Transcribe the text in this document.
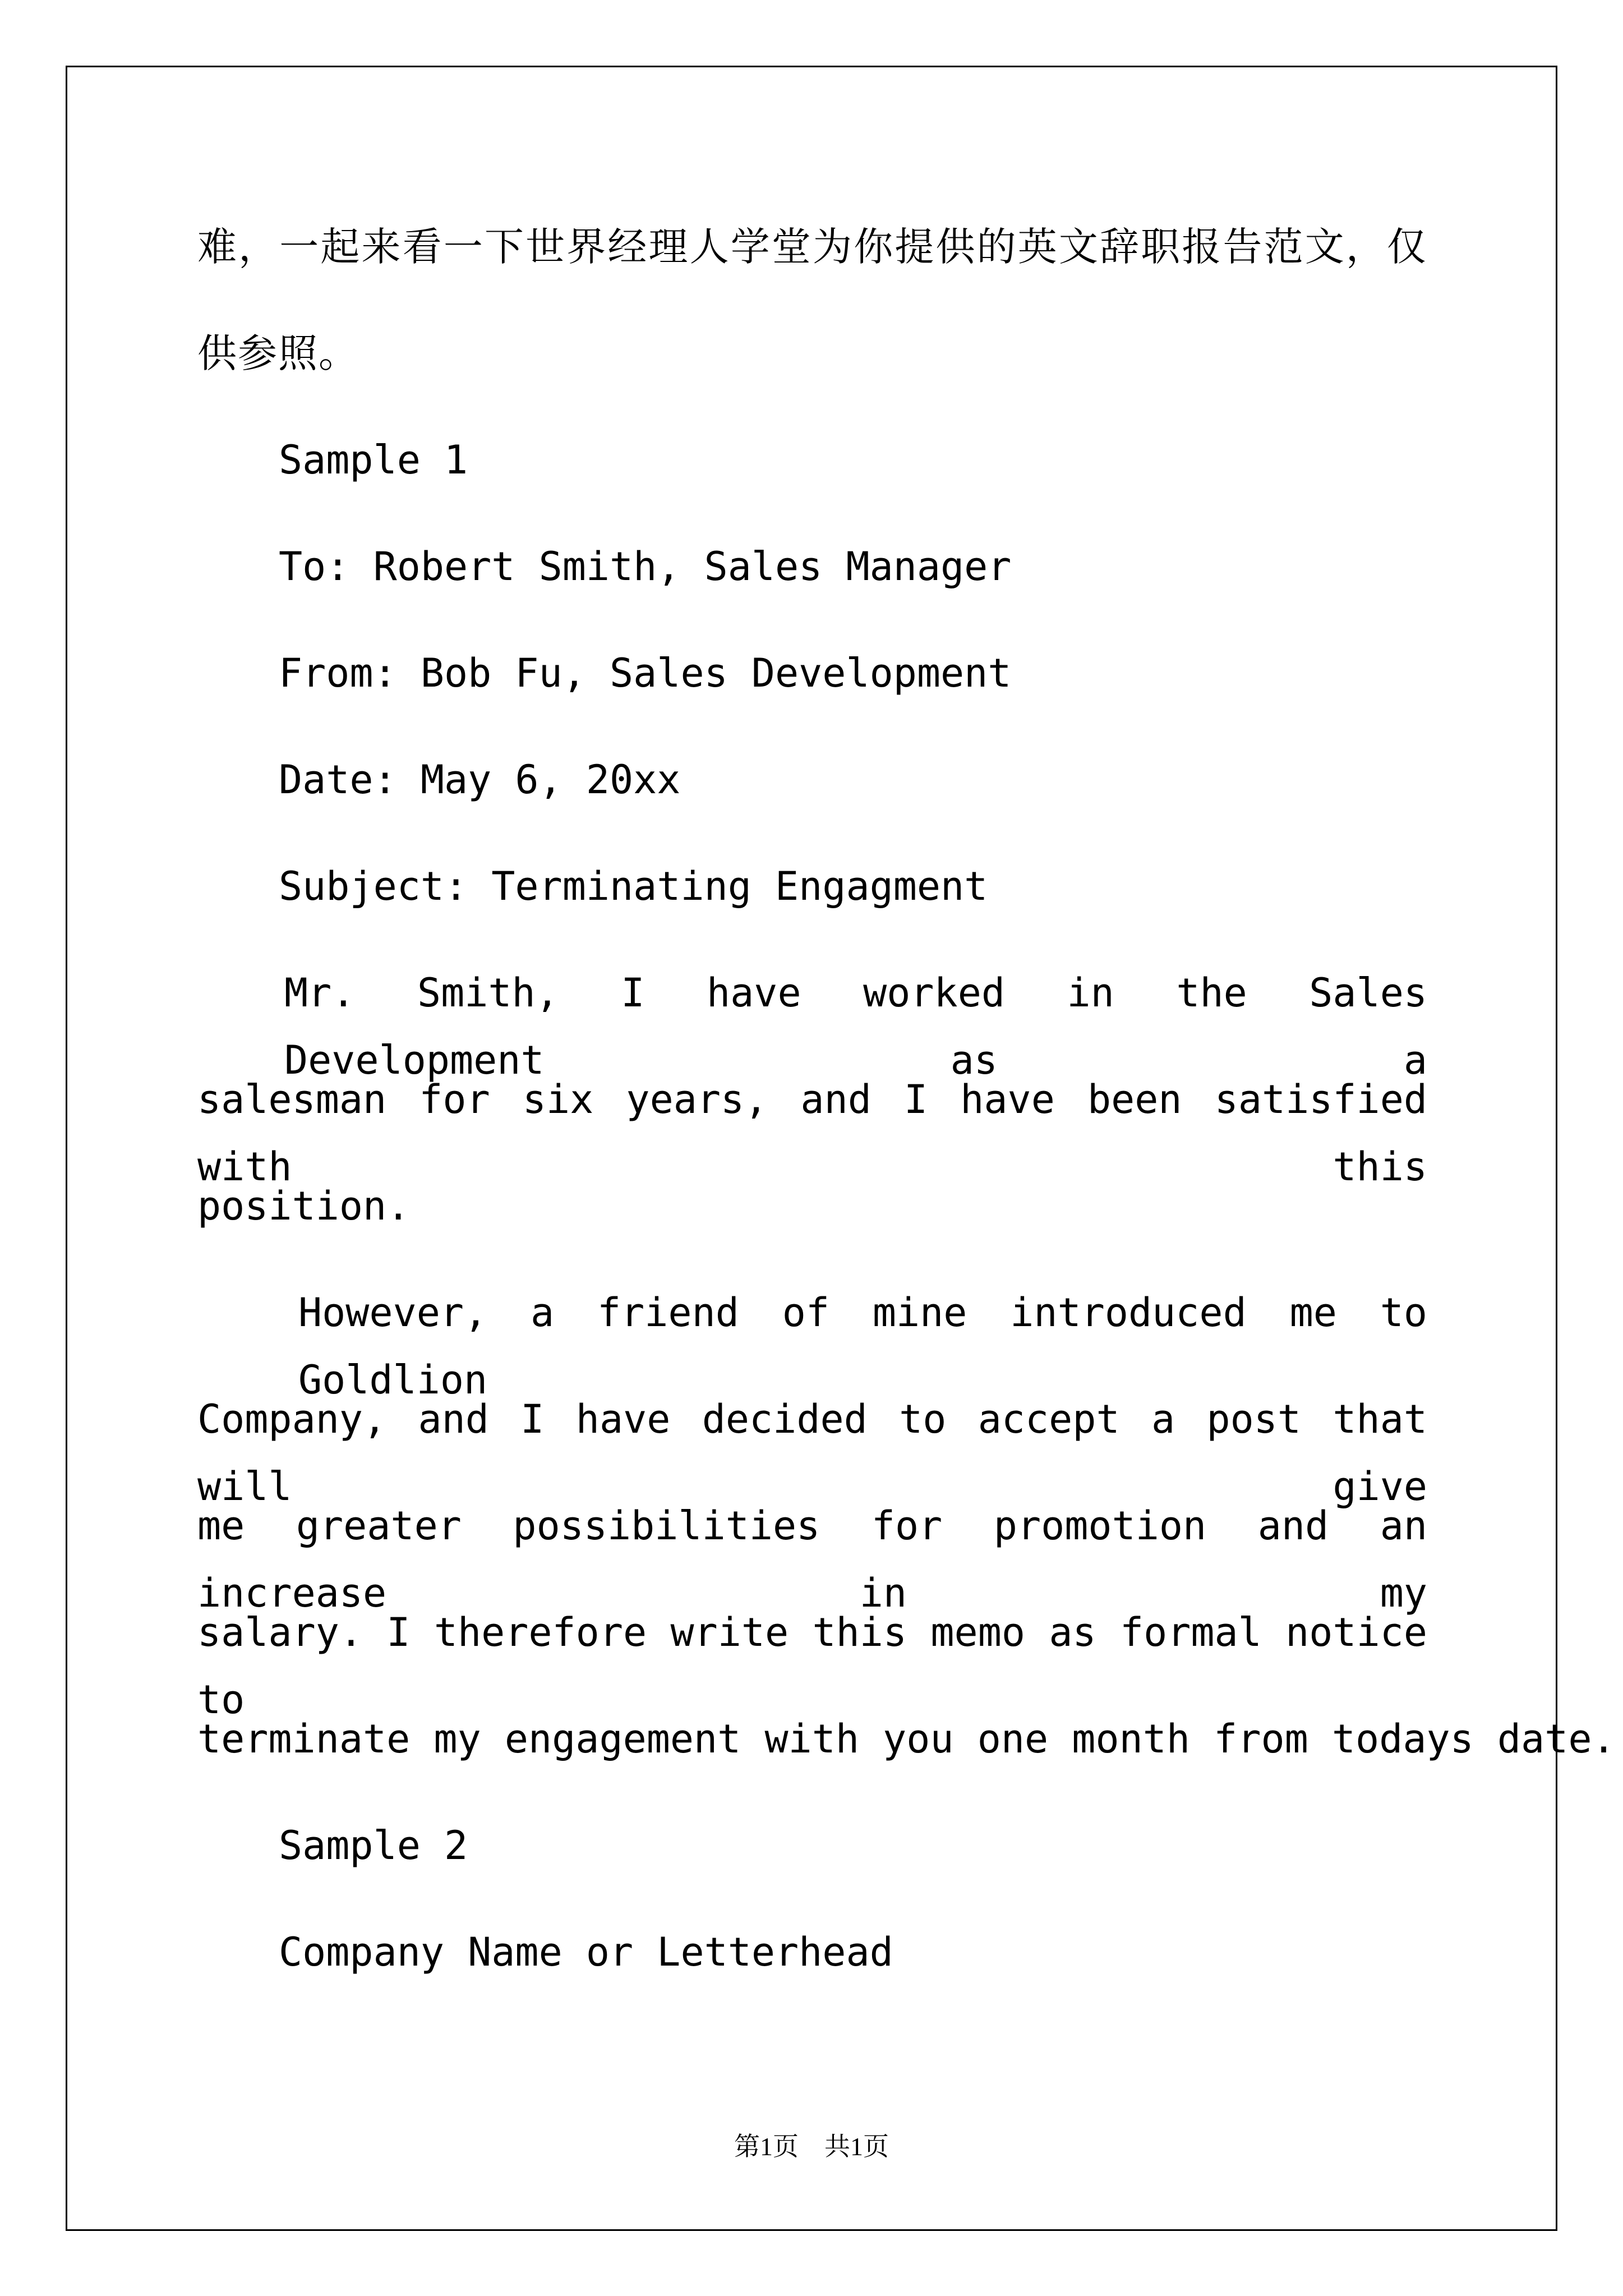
难，一起来看一下世界经理人学堂为你提供的英文辞职报告范文，仅
供参照。
Sample 1
To: Robert Smith, Sales Manager
From: Bob Fu, Sales Development
Date: May 6, 20xx
Subject: Terminating Engagment
Mr. Smith, I have worked in the Sales Development as a
salesman for six years, and I have been satisfied with this
position.
However, a friend of mine introduced me to Goldlion
Company, and I have decided to accept a post that will give
me greater possibilities for promotion and an increase in my
salary. I therefore write this memo as formal notice to
terminate my engagement with you one month from todays date.
Sample 2
Company Name or Letterhead
第1页　共1页
